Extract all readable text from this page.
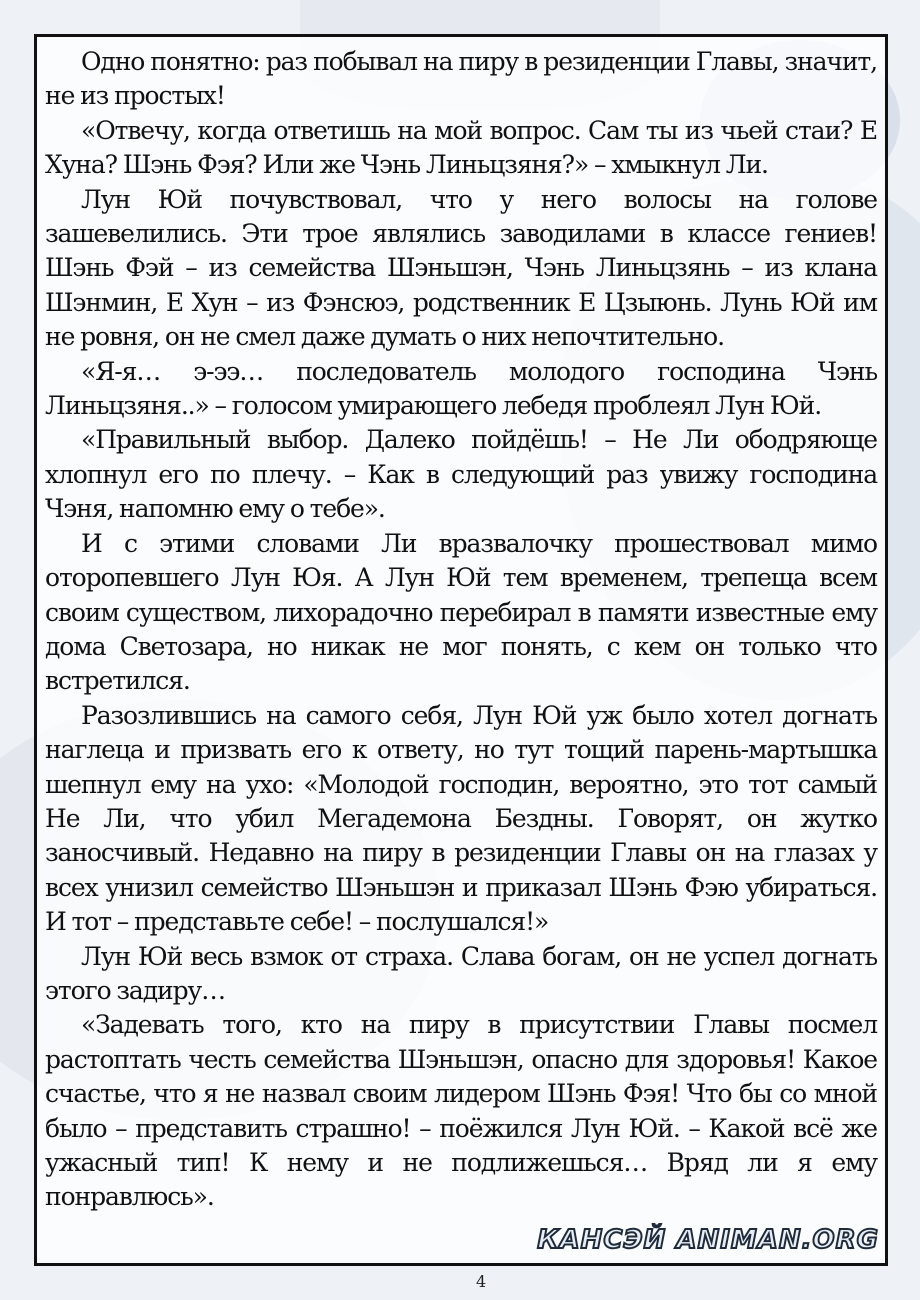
Одно понятно: раз побывал на пиру в резиденции Главы, значит, не из простых!

«Отвечу, когда ответишь на мой вопрос. Сам ты из чьей стаи? Е Хуна? Шэнь Фэя? Или же Чэнь Линьцзяня?» – хмыкнул Ли.

Лун Юй почувствовал, что у него волосы на голове зашевелились. Эти трое являлись заводилами в классе гениев! Шэнь Фэй – из семейства Шэньшэн, Чэнь Линьцзянь – из клана Шэнмин, Е Хун – из Фэнсюэ, родственник Е Цзыюнь. Лунь Юй им не ровня, он не смел даже думать о них непочтительно.

«Я-я… э-ээ… последователь молодого господина Чэнь Линьцзяня..» – голосом умирающего лебедя проблеял Лун Юй.

«Правильный выбор. Далеко пойдёшь! – Не Ли ободряюще хлопнул его по плечу. – Как в следующий раз увижу господина Чэня, напомню ему о тебе».

И с этими словами Ли вразвалочку прошествовал мимо оторопевшего Лун Юя. А Лун Юй тем временем, трепеща всем своим существом, лихорадочно перебирал в памяти известные ему дома Светозара, но никак не мог понять, с кем он только что встретился.

Разозлившись на самого себя, Лун Юй уж было хотел догнать наглеца и призвать его к ответу, но тут тощий парень-мартышка шепнул ему на ухо: «Молодой господин, вероятно, это тот самый Не Ли, что убил Мегадемона Бездны. Говорят, он жутко заносчивый. Недавно на пиру в резиденции Главы он на глазах у всех унизил семейство Шэньшэн и приказал Шэнь Фэю убираться. И тот – представьте себе! – послушался!»

Лун Юй весь взмок от страха. Слава богам, он не успел догнать этого задиру…

«Задевать того, кто на пиру в присутствии Главы посмел растоптать честь семейства Шэньшэн, опасно для здоровья! Какое счастье, что я не назвал своим лидером Шэнь Фэя! Что бы со мной было – представить страшно! – поёжился Лун Юй. – Какой всё же ужасный тип! К нему и не подлижешься… Вряд ли я ему понравлюсь».

КАНСЭЙ ANIMAN.ORG
4
